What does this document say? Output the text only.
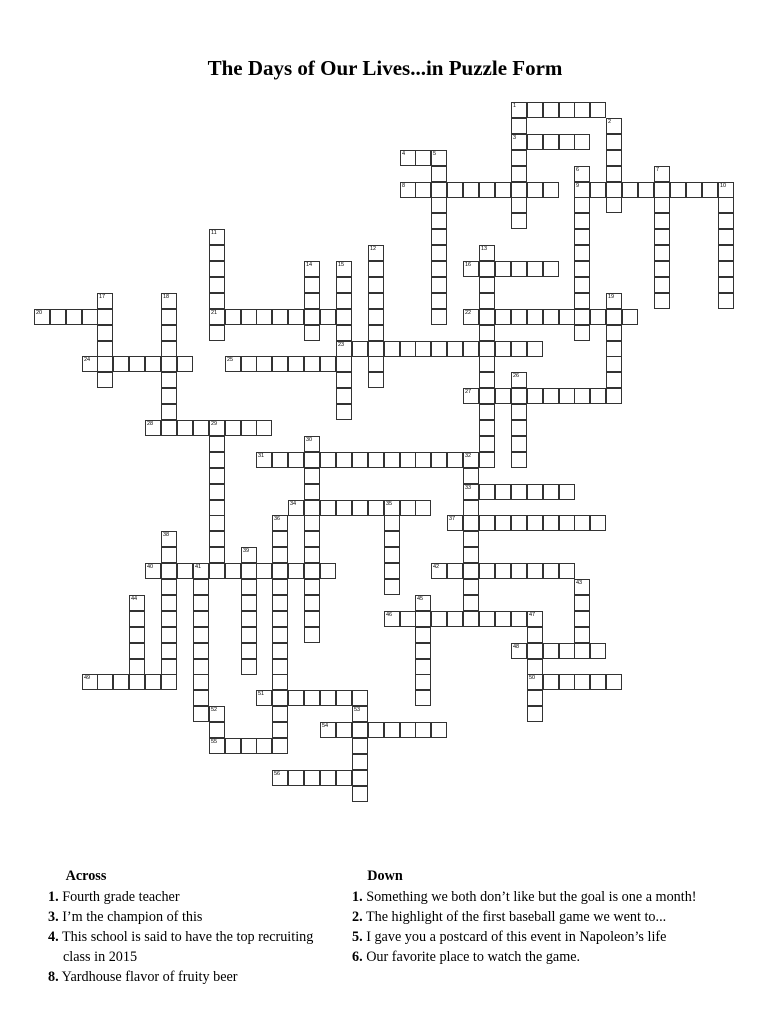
The Days of Our Lives...in Puzzle Form
1
3
4	5
8	9	10
16
20	21	22
23
24	25
27
28	29
31	32
33
34	35
37
40	41	42
46	47
48
49	50
51
54
55
56
2
6	7
11
12	13
14	15
17	18	19
26
30
36
38
39
43
44	45
52	53
Across
1. Fourth grade teacher
3. I’m the champion of this
4. This school is said to have the top recruiting class in 2015
8. Yardhouse flavor of fruity beer
Down
1. Something we both don’t like but the goal is one a month!
2. The highlight of the first baseball game we went to...
5. I gave you a postcard of this event in Napoleon’s life
6. Our favorite place to watch the game.
